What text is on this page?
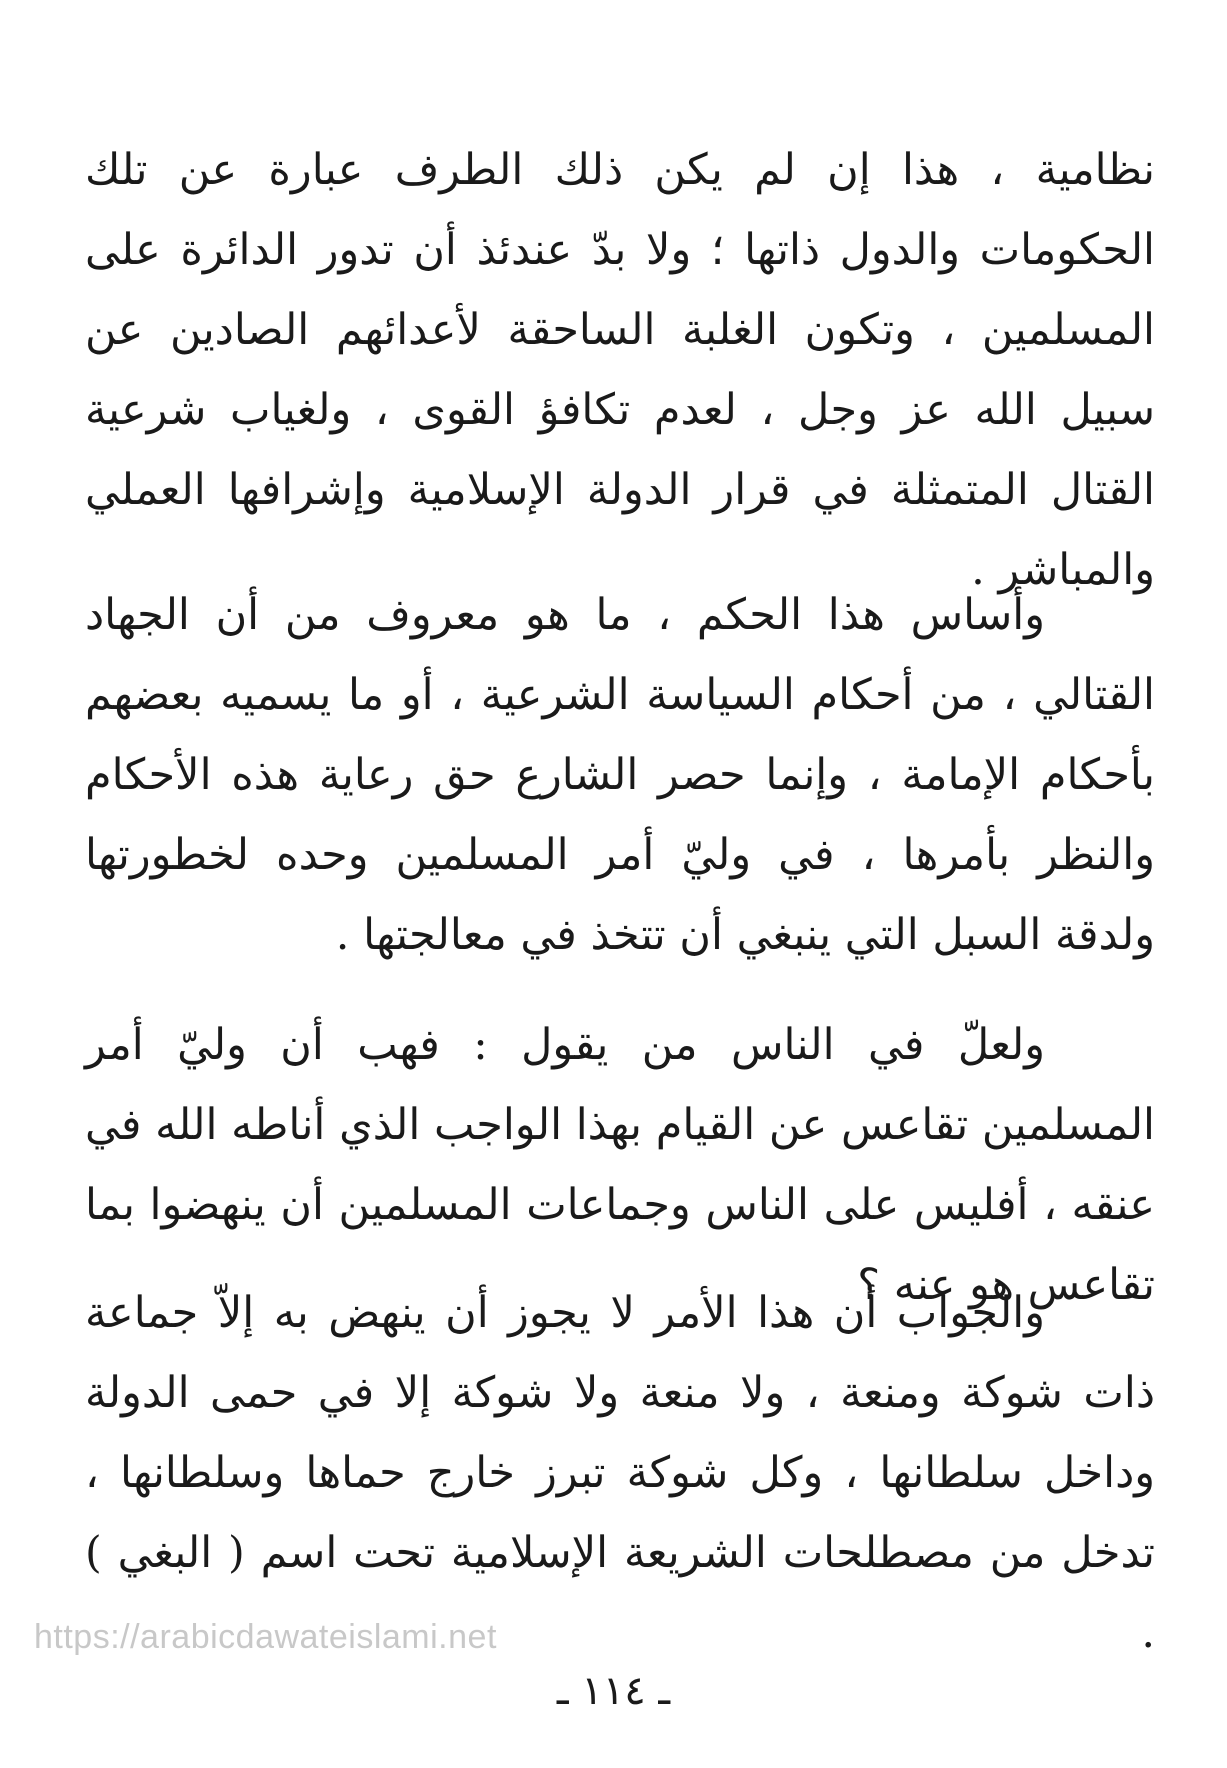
نظامية ، هذا إن لم يكن ذلك الطرف عبارة عن تلك الحكومات والدول ذاتها ؛ ولا بدّ عندئذ أن تدور الدائرة على المسلمين ، وتكون الغلبة الساحقة لأعدائهم الصادين عن سبيل الله عز وجل ، لعدم تكافؤ القوى ، ولغياب شرعية القتال المتمثلة في قرار الدولة الإسلامية وإشرافها العملي والمباشر .

وأساس هذا الحكم ، ما هو معروف من أن الجهاد القتالي ، من أحكام السياسة الشرعية ، أو ما يسميه بعضهم بأحكام الإمامة ، وإنما حصر الشارع حق رعاية هذه الأحكام والنظر بأمرها ، في وليّ أمر المسلمين وحده لخطورتها ولدقة السبل التي ينبغي أن تتخذ في معالجتها .

ولعلّ في الناس من يقول : فهب أن وليّ أمر المسلمين تقاعس عن القيام بهذا الواجب الذي أناطه الله في عنقه ، أفليس على الناس وجماعات المسلمين أن ينهضوا بما تقاعس هو عنه ؟

والجواب أن هذا الأمر لا يجوز أن ينهض به إلاّ جماعة ذات شوكة ومنعة ، ولا منعة ولا شوكة إلا في حمى الدولة وداخل سلطانها ، وكل شوكة تبرز خارج حماها وسلطانها ، تدخل من مصطلحات الشريعة الإسلامية تحت اسم ( البغي ) .

https://arabicdawateislami.net
ـ ١١٤ ـ
